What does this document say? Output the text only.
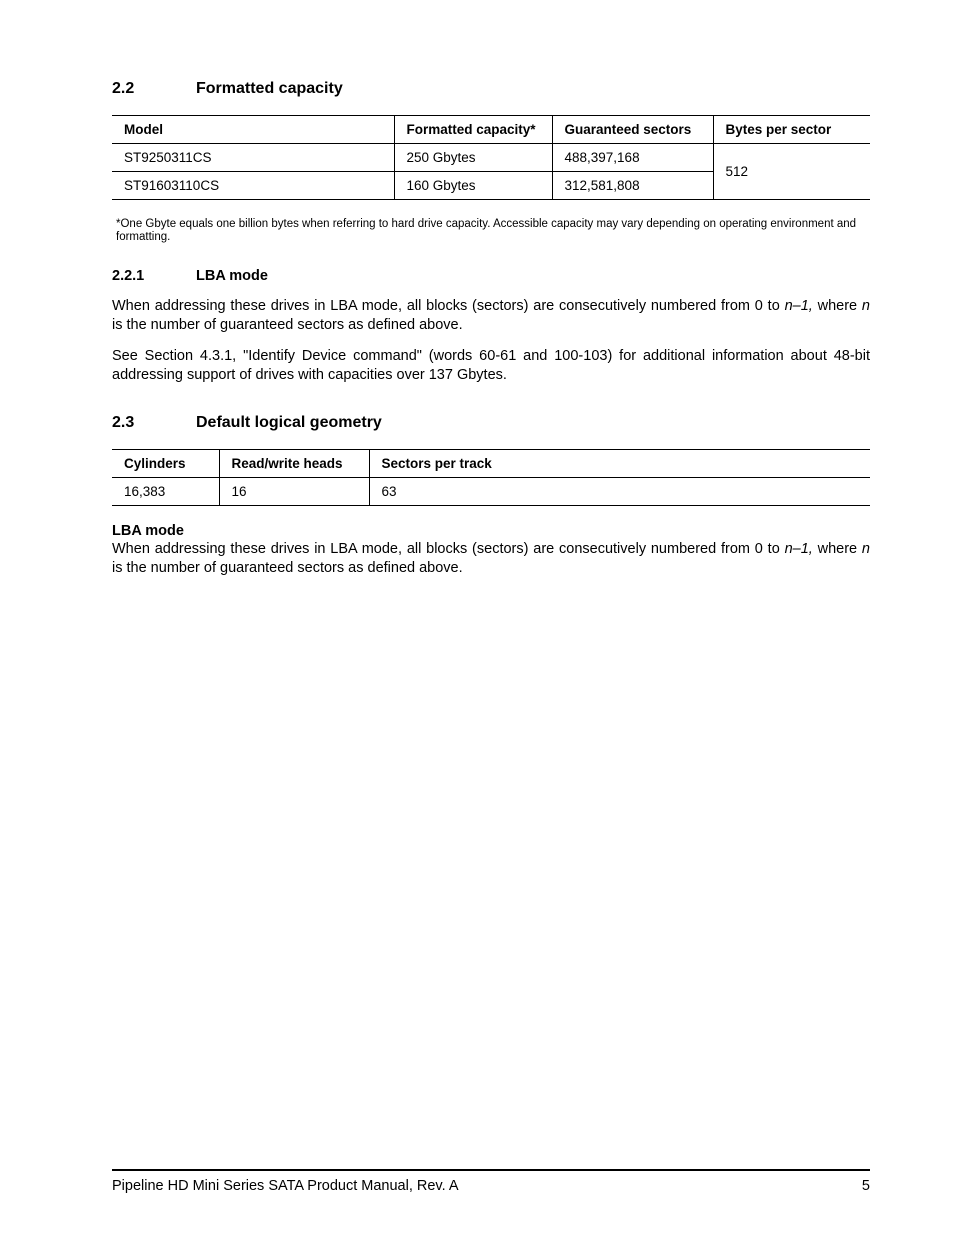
2.2	Formatted capacity
Model	Formatted capacity*	Guaranteed sectors	Bytes per sector
ST9250311CS	250 Gbytes	488,397,168	512
ST91603110CS	160 Gbytes	312,581,808	
*One Gbyte equals one billion bytes when referring to hard drive capacity. Accessible capacity may vary depending on operating environment and formatting.
2.2.1	LBA mode
When addressing these drives in LBA mode, all blocks (sectors) are consecutively numbered from 0 to n–1, where n is the number of guaranteed sectors as defined above.
See Section 4.3.1, "Identify Device command" (words 60-61 and 100-103) for additional information about 48-bit addressing support of drives with capacities over 137 Gbytes.
2.3	Default logical geometry
Cylinders	Read/write heads	Sectors per track
16,383	16	63
LBA mode
When addressing these drives in LBA mode, all blocks (sectors) are consecutively numbered from 0 to n–1, where n is the number of guaranteed sectors as defined above.
Pipeline HD Mini Series SATA Product Manual, Rev. A	5
